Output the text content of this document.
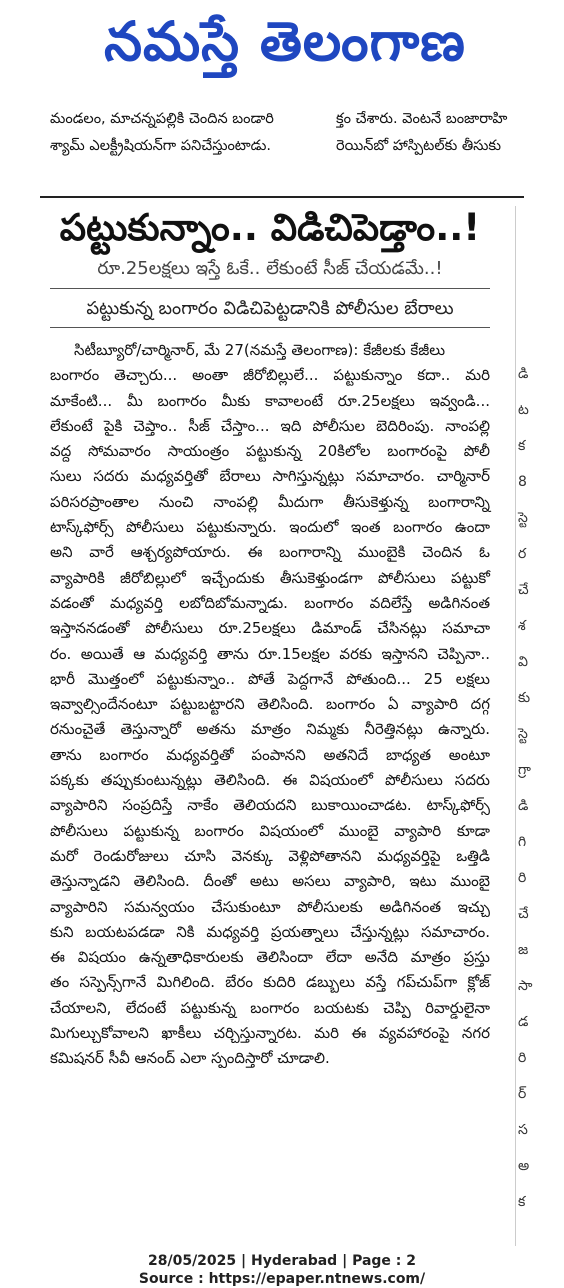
నమస్తే తెలంగాణ

మండలం, మాచన్నపల్లికి చెందిన బండారి
శ్యామ్ ఎలక్ట్రీషియన్‌గా పనిచేస్తుంటాడు.

క్తం చేశారు. వెంటనే బంజారాహి
రెయిన్‌బో హాస్పిటల్‌కు తీసుకు
పట్టుకున్నాం.. విడిచిపెడ్తాం..!
రూ.25లక్షలు ఇస్తే ఓకే.. లేకుంటే సీజ్ చేయడమే..!
పట్టుకున్న బంగారం విడిచిపెట్టడానికి పోలీసుల బేరాలు
సిటీబ్యూరో/చార్మినార్, మే 27(నమస్తే తెలంగాణ): కేజీలకు కేజీలు
బంగారం తెచ్చారు... అంతా జీరోబిల్లులే... పట్టుకున్నాం కదా.. మరి
మాకేంటి... మీ బంగారం మీకు కావాలంటే రూ.25లక్షలు ఇవ్వండి...
లేకుంటే పైకి చెప్తాం.. సీజ్ చేస్తాం... ఇది పోలీసుల బెదిరింపు. నాంపల్లి
వద్ద సోమవారం సాయంత్రం పట్టుకున్న 20కిలోల బంగారంపై పోలీ
సులు సదరు మధ్యవర్తితో బేరాలు సాగిస్తున్నట్లు సమాచారం. చార్మినార్
పరిసరప్రాంతాల నుంచి నాంపల్లి మీదుగా తీసుకెళ్తున్న బంగారాన్ని
టాస్క్‌ఫోర్స్ పోలీసులు పట్టుకున్నారు. ఇందులో ఇంత బంగారం ఉందా
అని వారే ఆశ్చర్యపోయారు. ఈ బంగారాన్ని ముంబైకి చెందిన ఓ
వ్యాపారికి జీరోబిల్లులో ఇచ్చేందుకు తీసుకెళ్తుండగా పోలీసులు పట్టుకో
వడంతో మధ్యవర్తి లబోదిబోమన్నాడు. బంగారం వదిలేస్తే అడిగినంత
ఇస్తాననడంతో పోలీసులు రూ.25లక్షలు డిమాండ్ చేసినట్లు సమాచా
రం. అయితే ఆ మధ్యవర్తి తాను రూ.15లక్షల వరకు ఇస్తానని చెప్పినా..
భారీ మొత్తంలో పట్టుకున్నాం.. పోతే పెద్దగానే పోతుంది... 25 లక్షలు
ఇవ్వాల్సిందేనంటూ పట్టుబట్టారని తెలిసింది. బంగారం ఏ వ్యాపారి దగ్గ
రనుంచైతే తెస్తున్నారో అతను మాత్రం నిమ్మకు నీరెత్తినట్లు ఉన్నారు.
తాను బంగారం మధ్యవర్తితో పంపానని అతనిదే బాధ్యత అంటూ
పక్కకు తప్పుకుంటున్నట్లు తెలిసింది. ఈ విషయంలో పోలీసులు సదరు
వ్యాపారిని సంప్రదిస్తే నాకేం తెలియదని బుకాయించాడట. టాస్క్‌ఫోర్స్
పోలీసులు పట్టుకున్న బంగారం విషయంలో ముంబై వ్యాపారి కూడా
మరో రెండురోజులు చూసి వెనక్కు వెళ్లిపోతానని మధ్యవర్తిపై ఒత్తిడి
తెస్తున్నాడని తెలిసింది. దీంతో అటు అసలు వ్యాపారి, ఇటు ముంబై
వ్యాపారిని సమన్వయం చేసుకుంటూ పోలీసులకు అడిగినంత ఇచ్చు
కుని బయటపడడా నికి మధ్యవర్తి ప్రయత్నాలు చేస్తున్నట్లు సమాచారం.
ఈ విషయం ఉన్నతాధికారులకు తెలిసిందా లేదా అనేది మాత్రం ప్రస్తు
తం సస్పెన్స్‌గానే మిగిలింది. బేరం కుదిరి డబ్బులు వస్తే గప్‌చుప్‌గా క్లోజ్
చేయాలని, లేదంటే పట్టుకున్న బంగారం బయటకు చెప్పి రివార్డులైనా
మిగుల్చుకోవాలని ఖాకీలు చర్చిస్తున్నారట. మరి ఈ వ్యవహారంపై నగర
కమిషనర్ సీవీ ఆనంద్ ఎలా స్పందిస్తారో చూడాలి.
డి
ట
క
8
స్టె
ర
చే
శ
వి
కు
స్టె
గ్రా
డి
గి
రి
చే
జ
సా
డ
రి
ర్
స
అ
క
28/05/2025 | Hyderabad | Page : 2
Source : https://epaper.ntnews.com/
